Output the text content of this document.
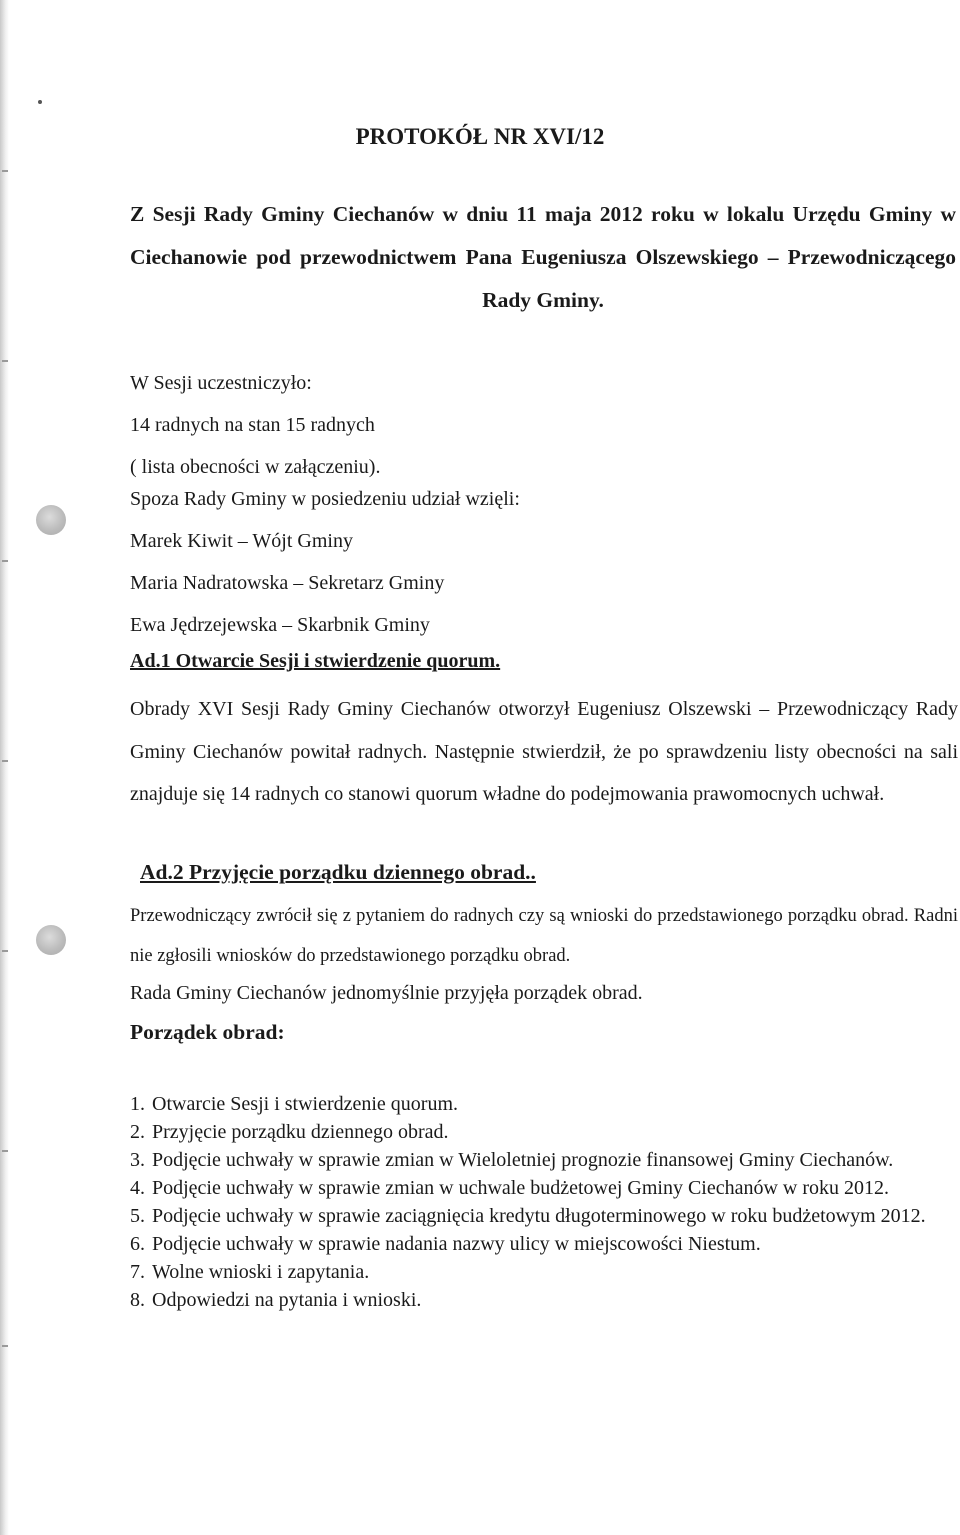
PROTOKÓŁ NR XVI/12

Z Sesji Rady Gminy Ciechanów w dniu 11 maja 2012 roku w lokalu Urzędu Gminy w Ciechanowie pod przewodnictwem Pana Eugeniusza Olszewskiego – Przewodniczącego Rady Gminy.

W Sesji uczestniczyło:
14 radnych na stan 15 radnych
( lista obecności w załączeniu).
Spoza Rady Gminy w posiedzeniu udział wzięli:
Marek Kiwit – Wójt Gminy
Maria Nadratowska – Sekretarz Gminy
Ewa Jędrzejewska – Skarbnik Gminy
Ad.1 Otwarcie Sesji i stwierdzenie quorum.

Obrady XVI Sesji Rady Gminy Ciechanów otworzył Eugeniusz Olszewski – Przewodniczący Rady Gminy Ciechanów powitał radnych. Następnie stwierdził, że po sprawdzeniu listy obecności na sali znajduje się 14 radnych co stanowi quorum władne do podejmowania prawomocnych uchwał.

Ad.2 Przyjęcie porządku dziennego obrad..

Przewodniczący zwrócił się z pytaniem do radnych czy są wnioski do przedstawionego porządku obrad. Radni nie zgłosili wniosków do przedstawionego porządku obrad.

Rada Gminy Ciechanów jednomyślnie przyjęła porządek obrad.

Porządek obrad:
1. Otwarcie Sesji i stwierdzenie quorum.
2. Przyjęcie porządku dziennego obrad.
3. Podjęcie uchwały w sprawie zmian w Wieloletniej prognozie finansowej Gminy Ciechanów.
4. Podjęcie uchwały w sprawie zmian w uchwale budżetowej Gminy Ciechanów w roku 2012.
5. Podjęcie uchwały w sprawie zaciągnięcia kredytu długoterminowego w roku budżetowym 2012.
6. Podjęcie uchwały w sprawie nadania nazwy ulicy w miejscowości Niestum.
7. Wolne wnioski i zapytania.
8. Odpowiedzi na pytania i wnioski.
